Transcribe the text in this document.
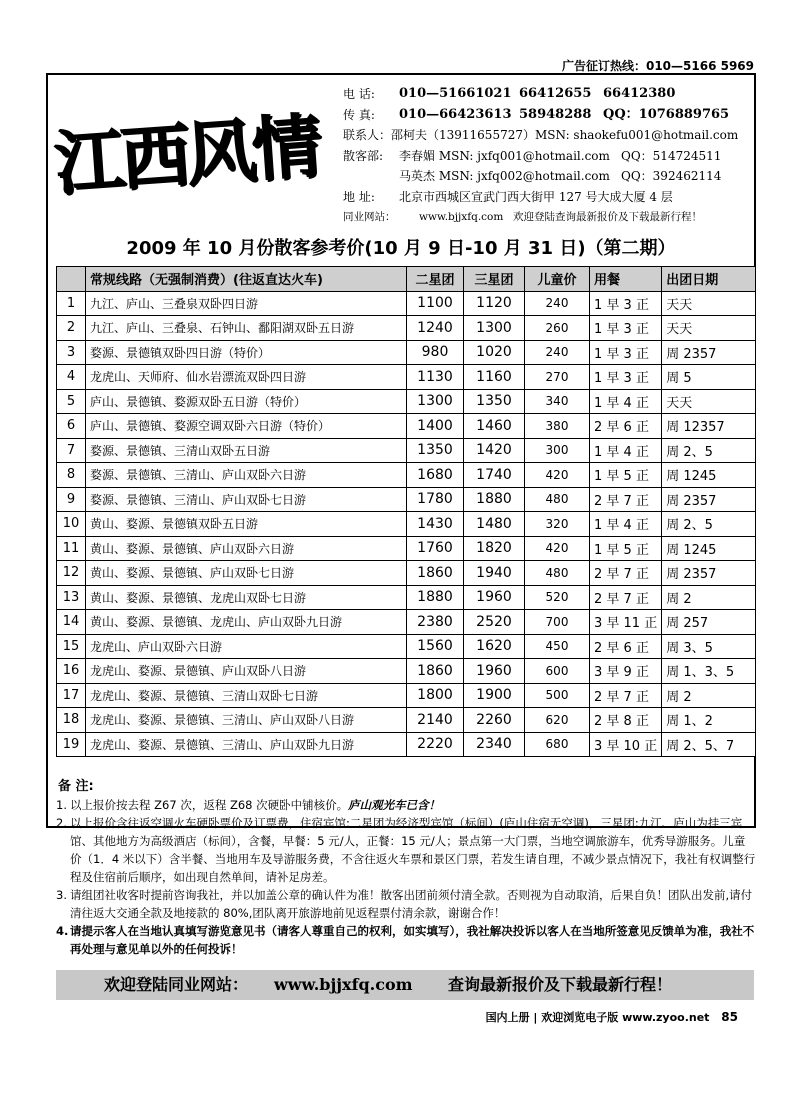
广告征订热线：010—5166 5969
江西风情
电 话: 010—51661021 66412655 66412380
传 真: 010—66423613 58948288 QQ：1076889765
联系人：邵柯夫（13911655727）MSN: shaokefu001@hotmail.com
散客部: 李春媚 MSN: jxfq001@hotmail.com QQ：514724511
马英杰 MSN: jxfq002@hotmail.com QQ：392462114
地 址: 北京市西城区宣武门西大街甲 127 号大成大厦 4 层
同业网站： www.bjjxfq.com 欢迎登陆查询最新报价及下载最新行程！
2009 年 10 月份散客参考价(10 月 9 日-10 月 31 日)（第二期）
	常规线路（无强制消费）(往返直达火车)	二星团	三星团	儿童价	用餐	出团日期
1	九江、庐山、三叠泉双卧四日游	1100	1120	240	1 早 3 正	天天
2	九江、庐山、三叠泉、石钟山、鄱阳湖双卧五日游	1240	1300	260	1 早 3 正	天天
3	婺源、景德镇双卧四日游（特价）	980	1020	240	1 早 3 正	周 2357
4	龙虎山、天师府、仙水岩漂流双卧四日游	1130	1160	270	1 早 3 正	周 5
5	庐山、景德镇、婺源双卧五日游（特价）	1300	1350	340	1 早 4 正	天天
6	庐山、景德镇、婺源空调双卧六日游（特价）	1400	1460	380	2 早 6 正	周 12357
7	婺源、景德镇、三清山双卧五日游	1350	1420	300	1 早 4 正	周 2、5
8	婺源、景德镇、三清山、庐山双卧六日游	1680	1740	420	1 早 5 正	周 1245
9	婺源、景德镇、三清山、庐山双卧七日游	1780	1880	480	2 早 7 正	周 2357
10	黄山、婺源、景德镇双卧五日游	1430	1480	320	1 早 4 正	周 2、5
11	黄山、婺源、景德镇、庐山双卧六日游	1760	1820	420	1 早 5 正	周 1245
12	黄山、婺源、景德镇、庐山双卧七日游	1860	1940	480	2 早 7 正	周 2357
13	黄山、婺源、景德镇、龙虎山双卧七日游	1880	1960	520	2 早 7 正	周 2
14	黄山、婺源、景德镇、龙虎山、庐山双卧九日游	2380	2520	700	3 早 11 正	周 257
15	龙虎山、庐山双卧六日游	1560	1620	450	2 早 6 正	周 3、5
16	龙虎山、婺源、景德镇、庐山双卧八日游	1860	1960	600	3 早 9 正	周 1、3、5
17	龙虎山、婺源、景德镇、三清山双卧七日游	1800	1900	500	2 早 7 正	周 2
18	龙虎山、婺源、景德镇、三清山、庐山双卧八日游	2140	2260	620	2 早 8 正	周 1、2
19	龙虎山、婺源、景德镇、三清山、庐山双卧九日游	2220	2340	680	3 早 10 正	周 2、5、7
备 注:
1. 以上报价按去程 Z67 次，返程 Z68 次硬卧中铺核价。庐山观光车已含！
2. 以上报价含往返空调火车硬卧票价及订票费，住宿宾馆:二星团为经济型宾馆（标间）(庐山住宿无空调)，三星团:九江、庐山为挂三宾馆、其他地方为高级酒店（标间），含餐，早餐：5 元/人，正餐：15 元/人；景点第一大门票，当地空调旅游车，优秀导游服务。儿童价（1．4 米以下）含半餐、当地用车及导游服务费，不含往返火车票和景区门票，若发生请自理，不减少景点情况下，我社有权调整行程及住宿前后顺序，如出现自然单间，请补足房差。
3. 请组团社收客时提前咨询我社，并以加盖公章的确认件为准！散客出团前须付清全款。否则视为自动取消，后果自负！团队出发前,请付清往返大交通全款及地接款的 80%,团队离开旅游地前见返程票付清余款，谢谢合作！
4. 请提示客人在当地认真填写游览意见书（请客人尊重自己的权利，如实填写），我社解决投诉以客人在当地所签意见反馈单为准，我社不再处理与意见单以外的任何投诉！
欢迎登陆同业网站： www.bjjxfq.com 查询最新报价及下载最新行程！
国内上册 | 欢迎浏览电子版 www.zyoo.net 85
